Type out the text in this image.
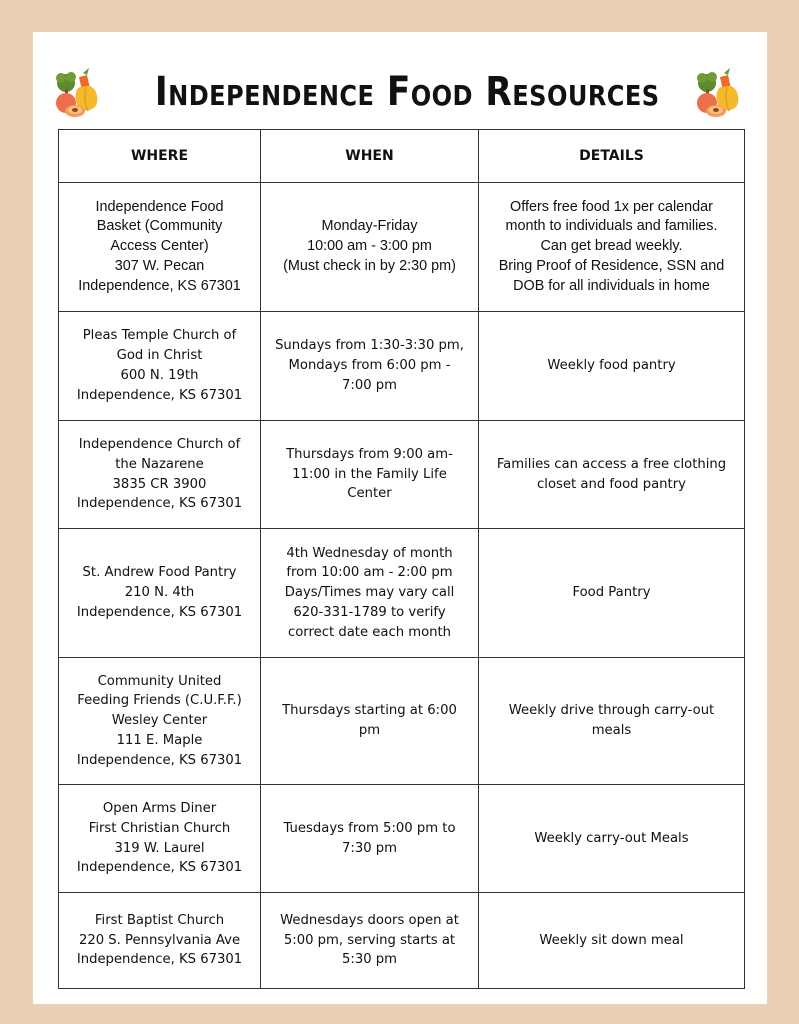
Independence Food Resources
WHERE	WHEN	DETAILS

Independence Food
Basket (Community
Access Center)
307 W. Pecan
Independence, KS 67301	Monday-Friday
10:00 am - 3:00 pm
(Must check in by 2:30 pm)	Offers free food 1x per calendar
month to individuals and families.
Can get bread weekly.
Bring Proof of Residence, SSN and
DOB for all individuals in home

Pleas Temple Church of
God in Christ
600 N. 19th
Independence, KS 67301	Sundays from 1:30-3:30 pm,
Mondays from 6:00 pm -
7:00 pm	Weekly food pantry

Independence Church of
the Nazarene
3835 CR 3900
Independence, KS 67301	Thursdays from 9:00 am-
11:00 in the Family Life
Center	Families can access a free clothing
closet and food pantry

St. Andrew Food Pantry
210 N. 4th
Independence, KS 67301	4th Wednesday of month
from 10:00 am - 2:00 pm
Days/Times may vary call
620-331-1789 to verify
correct date each month	Food Pantry

Community United
Feeding Friends (C.U.F.F.)
Wesley Center
111 E. Maple
Independence, KS 67301	Thursdays starting at 6:00
pm	Weekly drive through carry-out
meals

Open Arms Diner
First Christian Church
319 W. Laurel
Independence, KS 67301	Tuesdays from 5:00 pm to
7:30 pm	Weekly carry-out Meals

First Baptist Church
220 S. Pennsylvania Ave
Independence, KS 67301	Wednesdays doors open at
5:00 pm, serving starts at
5:30 pm	Weekly sit down meal
